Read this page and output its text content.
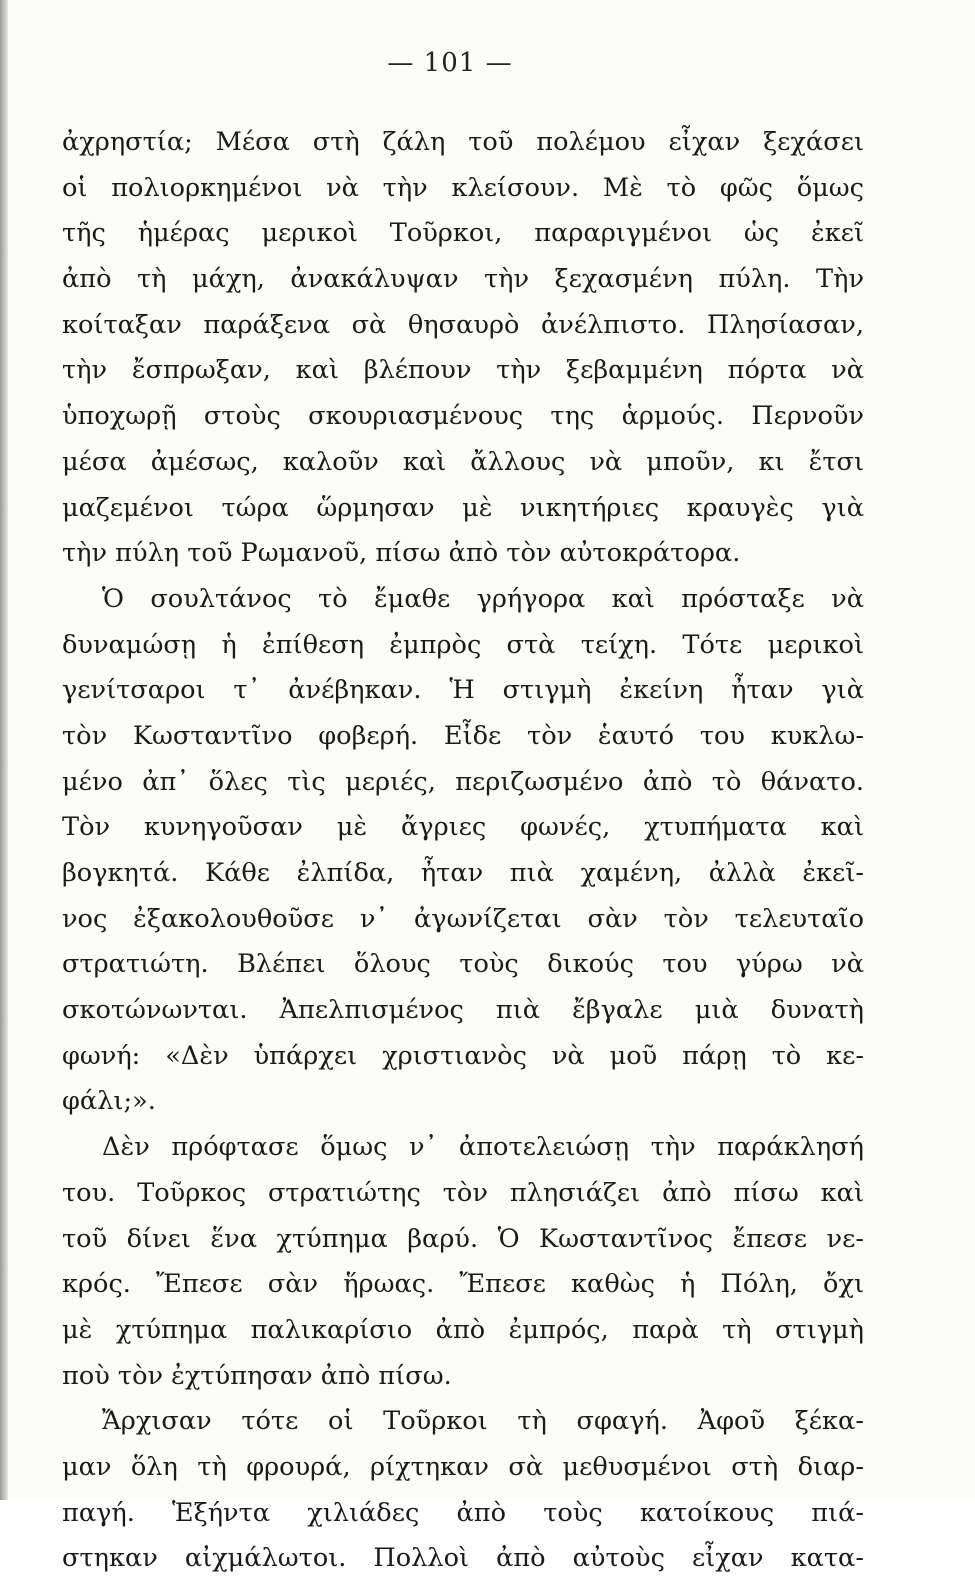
— 101 —
ἀχρηστία; Μέσα στὴ ζάλη τοῦ πολέμου εἶχαν ξεχάσει
οἱ πολιορκημένοι νὰ τὴν κλείσουν. Μὲ τὸ φῶς ὅμως
τῆς ἡμέρας μερικοὶ Τοῦρκοι, παραριγμένοι ὡς ἐκεῖ
ἀπὸ τὴ μάχη, ἀνακάλυψαν τὴν ξεχασμένη πύλη. Τὴν
κοίταξαν παράξενα σὰ θησαυρὸ ἀνέλπιστο. Πλησίασαν,
τὴν ἔσπρωξαν, καὶ βλέπουν τὴν ξεβαμμένη πόρτα νὰ
ὑποχωρῇ στοὺς σκουριασμένους της ἁρμούς. Περνοῦν
μέσα ἀμέσως, καλοῦν καὶ ἄλλους νὰ μποῦν, κι ἔτσι
μαζεμένοι τώρα ὥρμησαν μὲ νικητήριες κραυγὲς γιὰ
τὴν πύλη τοῦ Ρωμανοῦ, πίσω ἀπὸ τὸν αὐτοκράτορα.
Ὁ σουλτάνος τὸ ἔμαθε γρήγορα καὶ πρόσταξε νὰ
δυναμώσῃ ἡ ἐπίθεση ἐμπρὸς στὰ τείχη. Τότε μερικοὶ
γενίτσαροι τ᾽ ἀνέβηκαν. Ἡ στιγμὴ ἐκείνη ἦταν γιὰ
τὸν Κωσταντῖνο φοβερή. Εἶδε τὸν ἑαυτό του κυκλω-
μένο ἀπ᾽ ὅλες τὶς μεριές, περιζωσμένο ἀπὸ τὸ θάνατο.
Τὸν κυνηγοῦσαν μὲ ἄγριες φωνές, χτυπήματα καὶ
βογκητά. Κάθε ἐλπίδα, ἦταν πιὰ χαμένη, ἀλλὰ ἐκεῖ-
νος ἐξακολουθοῦσε ν᾽ ἀγωνίζεται σὰν τὸν τελευταῖο
στρατιώτη. Βλέπει ὅλους τοὺς δικούς του γύρω νὰ
σκοτώνωνται. Ἀπελπισμένος πιὰ ἔβγαλε μιὰ δυνατὴ
φωνή: «Δὲν ὑπάρχει χριστιανὸς νὰ μοῦ πάρῃ τὸ κε-
φάλι;».
Δὲν πρόφτασε ὅμως ν᾽ ἀποτελειώσῃ τὴν παράκλησή
του. Τοῦρκος στρατιώτης τὸν πλησιάζει ἀπὸ πίσω καὶ
τοῦ δίνει ἕνα χτύπημα βαρύ. Ὁ Κωσταντῖνος ἔπεσε νε-
κρός. Ἔπεσε σὰν ἥρωας. Ἔπεσε καθὼς ἡ Πόλη, ὄχι
μὲ χτύπημα παλικαρίσιο ἀπὸ ἐμπρός, παρὰ τὴ στιγμὴ
ποὺ τὸν ἐχτύπησαν ἀπὸ πίσω.
Ἄρχισαν τότε οἱ Τοῦρκοι τὴ σφαγή. Ἀφοῦ ξέκα-
μαν ὅλη τὴ φρουρά, ρίχτηκαν σὰ μεθυσμένοι στὴ διαρ-
παγή. Ἑξήντα χιλιάδες ἀπὸ τοὺς κατοίκους πιά-
στηκαν αἰχμάλωτοι. Πολλοὶ ἀπὸ αὐτοὺς εἶχαν κατα-
